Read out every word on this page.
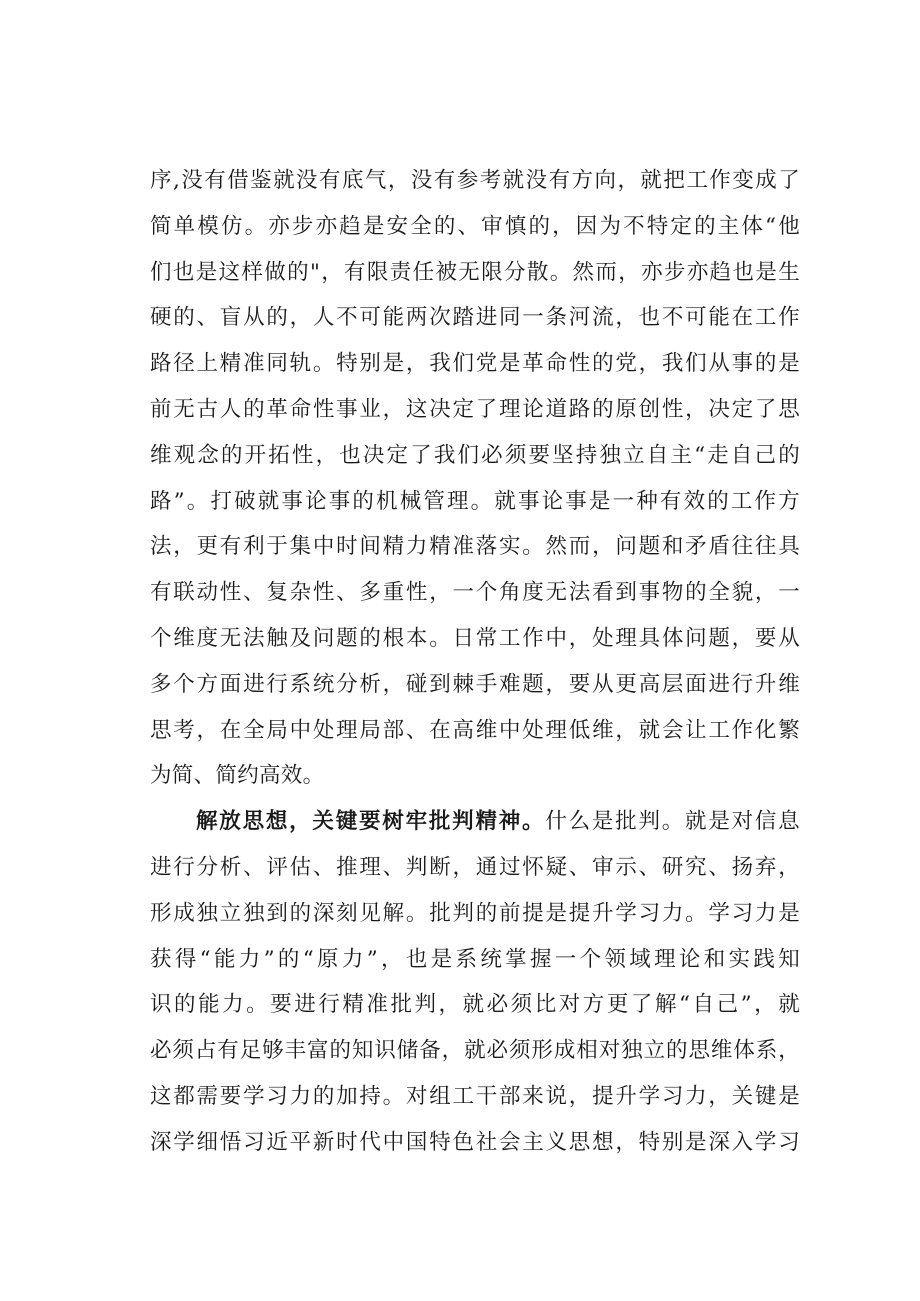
序,没有借鉴就没有底气，没有参考就没有方向，就把工作变成了
简单模仿。亦步亦趋是安全的、审慎的，因为不特定的主体“他
们也是这样做的"，有限责任被无限分散。然而，亦步亦趋也是生
硬的、盲从的，人不可能两次踏进同一条河流，也不可能在工作
路径上精准同轨。特别是，我们党是革命性的党，我们从事的是
前无古人的革命性事业，这决定了理论道路的原创性，决定了思
维观念的开拓性，也决定了我们必须要坚持独立自主“走自己的
路”。打破就事论事的机械管理。就事论事是一种有效的工作方
法，更有利于集中时间精力精准落实。然而，问题和矛盾往往具
有联动性、复杂性、多重性，一个角度无法看到事物的全貌，一
个维度无法触及问题的根本。日常工作中，处理具体问题，要从
多个方面进行系统分析，碰到棘手难题，要从更高层面进行升维
思考，在全局中处理局部、在高维中处理低维，就会让工作化繁
为简、简约高效。
解放思想，关键要树牢批判精神。什么是批判。就是对信息
进行分析、评估、推理、判断，通过怀疑、审示、研究、扬弃，
形成独立独到的深刻见解。批判的前提是提升学习力。学习力是
获得“能力”的“原力”，也是系统掌握一个领域理论和实践知
识的能力。要进行精准批判，就必须比对方更了解“自己”，就
必须占有足够丰富的知识储备，就必须形成相对独立的思维体系，
这都需要学习力的加持。对组工干部来说，提升学习力，关键是
深学细悟习近平新时代中国特色社会主义思想，特别是深入学习
